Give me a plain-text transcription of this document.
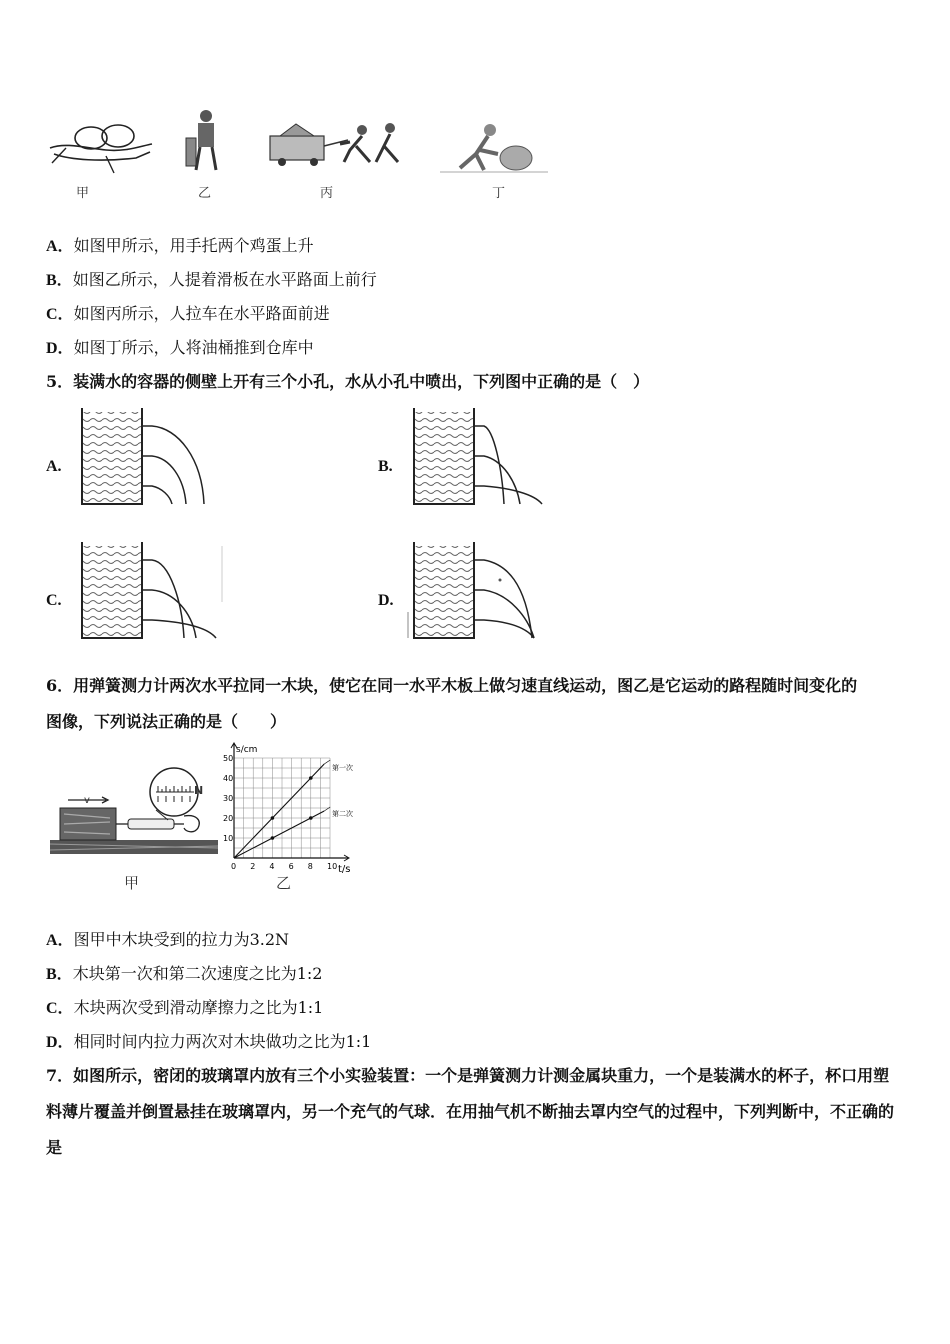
甲	乙	丙	丁
A．如图甲所示，用手托两个鸡蛋上升
B．如图乙所示，人提着滑板在水平路面上前行
C．如图丙所示，人拉车在水平路面前进
D．如图丁所示，人将油桶推到仓库中
5．装满水的容器的侧壁上开有三个小孔，水从小孔中喷出，下列图中正确的是（　）
A.	B.
C.	D.
6．用弹簧测力计两次水平拉同一木块，使它在同一水平木板上做匀速直线运动，图乙是它运动的路程随时间变化的
图像，下列说法正确的是（　　）
v
N
甲
0 2 4 6 8 10
10
20
30
40
50
s/cm
t/s
第一次
第二次
乙
A．图甲中木块受到的拉力为3.2N
B．木块第一次和第二次速度之比为1:2
C．木块两次受到滑动摩擦力之比为1:1
D．相同时间内拉力两次对木块做功之比为1:1
7．如图所示，密闭的玻璃罩内放有三个小实验装置：一个是弹簧测力计测金属块重力，一个是装满水的杯子，杯口用塑料薄片覆盖并倒置悬挂在玻璃罩内，另一个充气的气球．在用抽气机不断抽去罩内空气的过程中，下列判断中，不正确的是
